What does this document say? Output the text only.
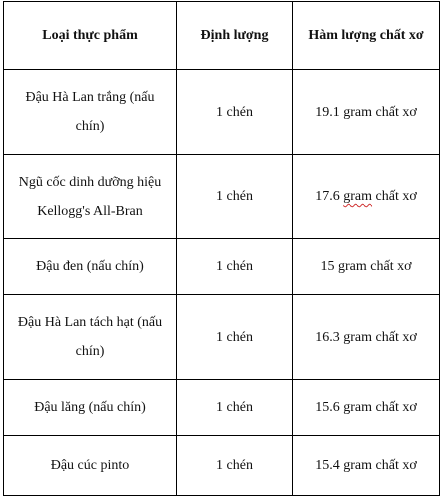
Loại thực phẩm	Định lượng	Hàm lượng chất xơ
Đậu Hà Lan trắng (nấu chín)	1 chén	19.1 gram chất xơ
Ngũ cốc dinh dưỡng hiệu Kellogg's All-Bran	1 chén	17.6 gram chất xơ
Đậu đen (nấu chín)	1 chén	15 gram chất xơ
Đậu Hà Lan tách hạt (nấu chín)	1 chén	16.3 gram chất xơ
Đậu lăng (nấu chín)	1 chén	15.6 gram chất xơ
Đậu cúc pinto	1 chén	15.4 gram chất xơ
